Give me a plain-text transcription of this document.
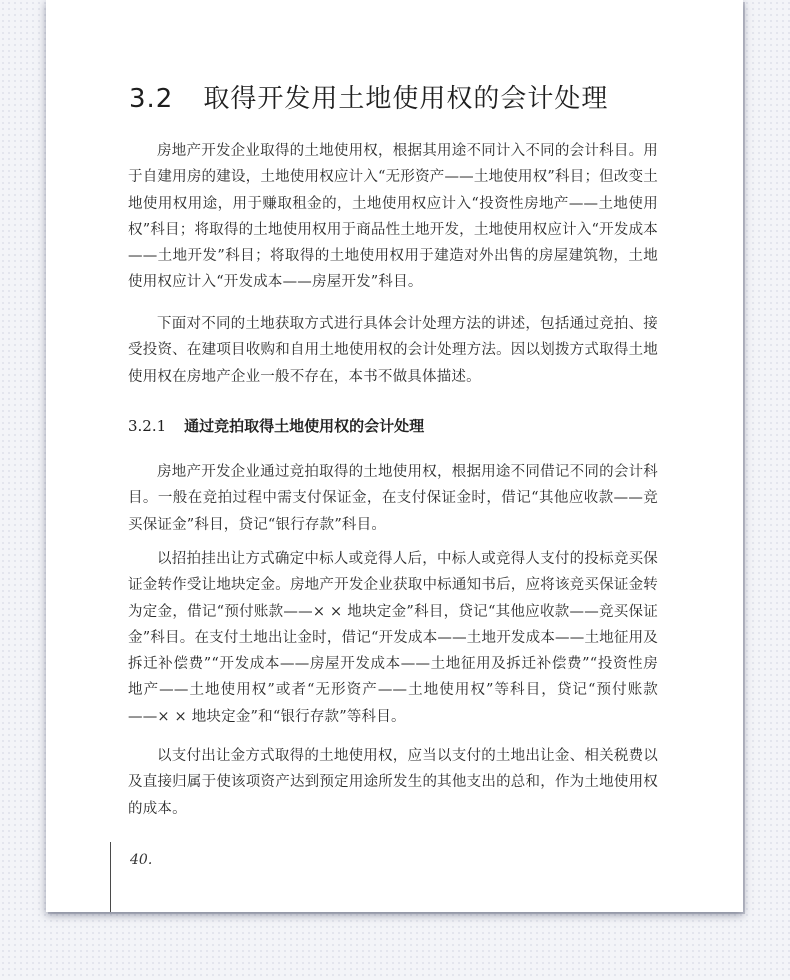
3.2 取得开发用土地使用权的会计处理

房地产开发企业取得的土地使用权，根据其用途不同计入不同的会计科目。用于自建用房的建设，土地使用权应计入“无形资产——土地使用权”科目；但改变土地使用权用途，用于赚取租金的，土地使用权应计入“投资性房地产——土地使用权”科目；将取得的土地使用权用于商品性土地开发，土地使用权应计入“开发成本——土地开发”科目；将取得的土地使用权用于建造对外出售的房屋建筑物，土地使用权应计入“开发成本——房屋开发”科目。

下面对不同的土地获取方式进行具体会计处理方法的讲述，包括通过竞拍、接受投资、在建项目收购和自用土地使用权的会计处理方法。因以划拨方式取得土地使用权在房地产企业一般不存在，本书不做具体描述。

3.2.1 通过竞拍取得土地使用权的会计处理

房地产开发企业通过竞拍取得的土地使用权，根据用途不同借记不同的会计科目。一般在竞拍过程中需支付保证金，在支付保证金时，借记“其他应收款——竞买保证金”科目，贷记“银行存款”科目。

以招拍挂出让方式确定中标人或竞得人后，中标人或竞得人支付的投标竞买保证金转作受让地块定金。房地产开发企业获取中标通知书后，应将该竞买保证金转为定金，借记“预付账款——× × 地块定金”科目，贷记“其他应收款——竞买保证金”科目。在支付土地出让金时，借记“开发成本——土地开发成本——土地征用及拆迁补偿费”“开发成本——房屋开发成本——土地征用及拆迁补偿费”“投资性房地产——土地使用权”或者“无形资产——土地使用权”等科目，贷记“预付账款——× × 地块定金”和“银行存款”等科目。

以支付出让金方式取得的土地使用权，应当以支付的土地出让金、相关税费以及直接归属于使该项资产达到预定用途所发生的其他支出的总和，作为土地使用权的成本。

40.
